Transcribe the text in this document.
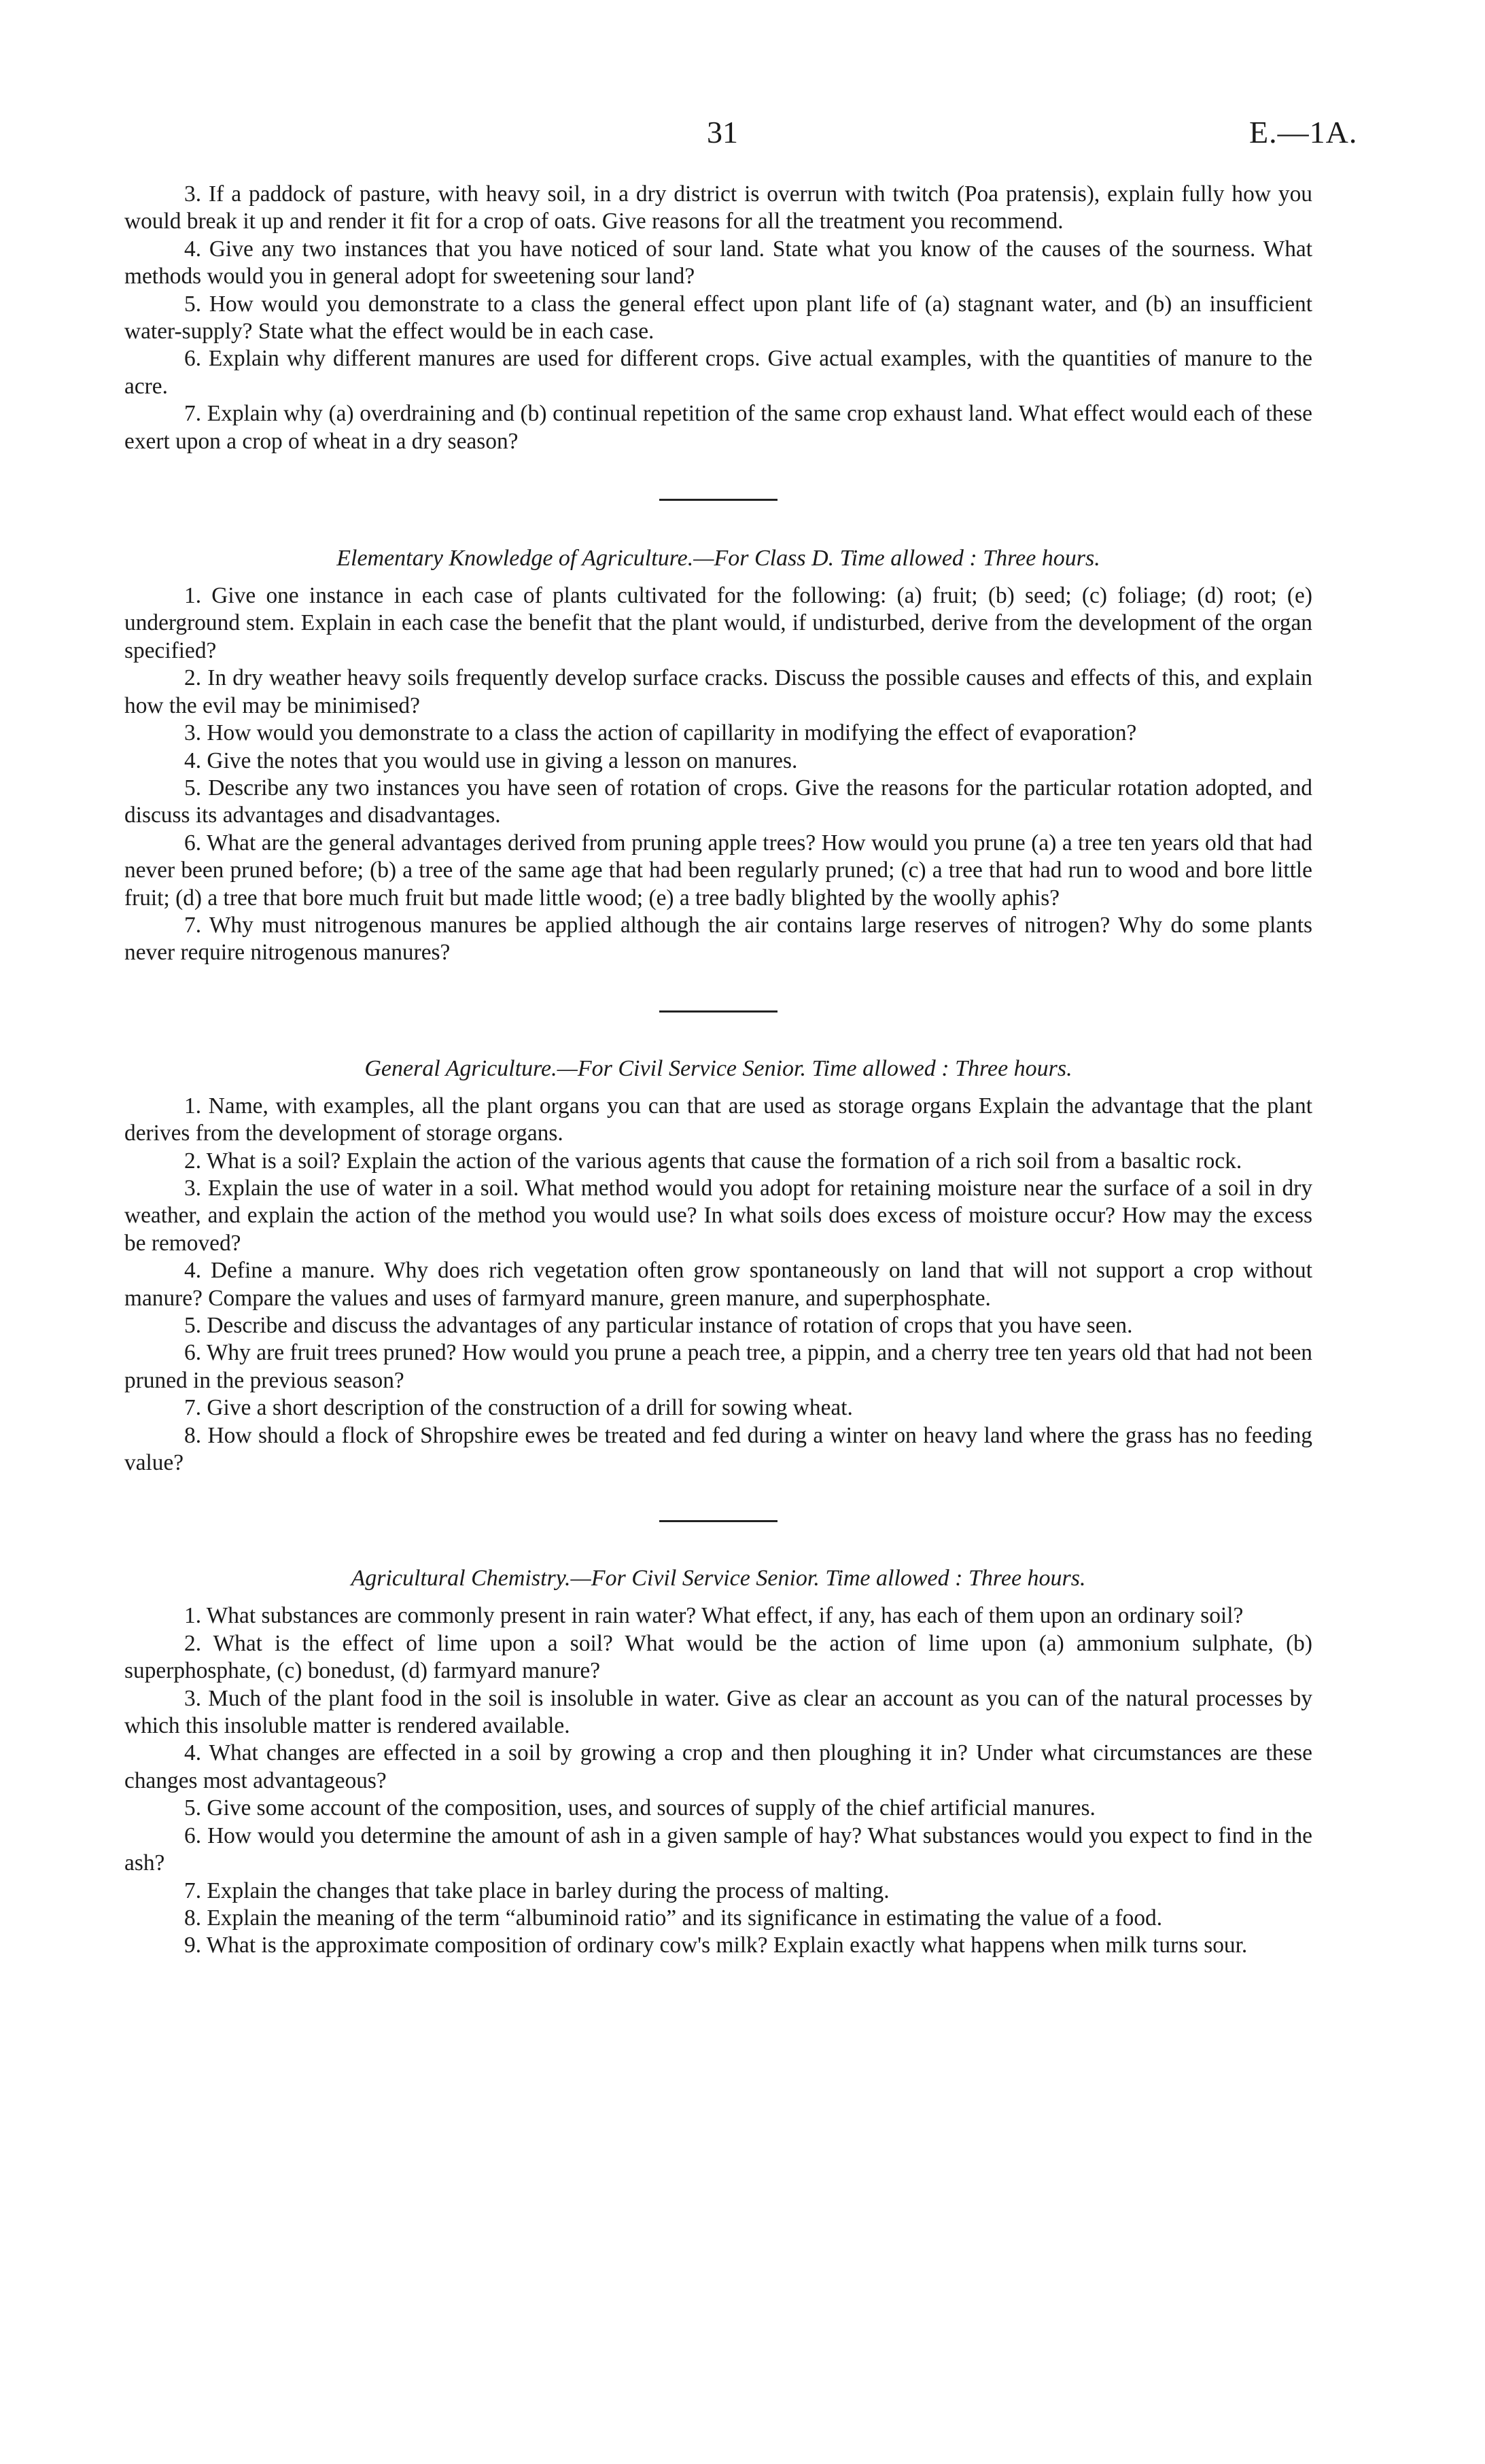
31	E.—1A.

3. If a paddock of pasture, with heavy soil, in a dry district is overrun with twitch (Poa pratensis), explain fully how you would break it up and render it fit for a crop of oats. Give reasons for all the treatment you recommend.

4. Give any two instances that you have noticed of sour land. State what you know of the causes of the sourness. What methods would you in general adopt for sweetening sour land?

5. How would you demonstrate to a class the general effect upon plant life of (a) stagnant water, and (b) an insufficient water-supply? State what the effect would be in each case.

6. Explain why different manures are used for different crops. Give actual examples, with the quantities of manure to the acre.

7. Explain why (a) overdraining and (b) continual repetition of the same crop exhaust land. What effect would each of these exert upon a crop of wheat in a dry season?

Elementary Knowledge of Agriculture.—For Class D. Time allowed : Three hours.

1. Give one instance in each case of plants cultivated for the following: (a) fruit; (b) seed; (c) foliage; (d) root; (e) underground stem. Explain in each case the benefit that the plant would, if undisturbed, derive from the development of the organ specified?

2. In dry weather heavy soils frequently develop surface cracks. Discuss the possible causes and effects of this, and explain how the evil may be minimised?

3. How would you demonstrate to a class the action of capillarity in modifying the effect of evaporation?

4. Give the notes that you would use in giving a lesson on manures.

5. Describe any two instances you have seen of rotation of crops. Give the reasons for the particular rotation adopted, and discuss its advantages and disadvantages.

6. What are the general advantages derived from pruning apple trees? How would you prune (a) a tree ten years old that had never been pruned before; (b) a tree of the same age that had been regularly pruned; (c) a tree that had run to wood and bore little fruit; (d) a tree that bore much fruit but made little wood; (e) a tree badly blighted by the woolly aphis?

7. Why must nitrogenous manures be applied although the air contains large reserves of nitrogen? Why do some plants never require nitrogenous manures?

General Agriculture.—For Civil Service Senior. Time allowed : Three hours.

1. Name, with examples, all the plant organs you can that are used as storage organs Explain the advantage that the plant derives from the development of storage organs.

2. What is a soil? Explain the action of the various agents that cause the formation of a rich soil from a basaltic rock.

3. Explain the use of water in a soil. What method would you adopt for retaining moisture near the surface of a soil in dry weather, and explain the action of the method you would use? In what soils does excess of moisture occur? How may the excess be removed?

4. Define a manure. Why does rich vegetation often grow spontaneously on land that will not support a crop without manure? Compare the values and uses of farmyard manure, green manure, and superphosphate.

5. Describe and discuss the advantages of any particular instance of rotation of crops that you have seen.

6. Why are fruit trees pruned? How would you prune a peach tree, a pippin, and a cherry tree ten years old that had not been pruned in the previous season?

7. Give a short description of the construction of a drill for sowing wheat.

8. How should a flock of Shropshire ewes be treated and fed during a winter on heavy land where the grass has no feeding value?

Agricultural Chemistry.—For Civil Service Senior. Time allowed : Three hours.

1. What substances are commonly present in rain water? What effect, if any, has each of them upon an ordinary soil?

2. What is the effect of lime upon a soil? What would be the action of lime upon (a) ammonium sulphate, (b) superphosphate, (c) bonedust, (d) farmyard manure?

3. Much of the plant food in the soil is insoluble in water. Give as clear an account as you can of the natural processes by which this insoluble matter is rendered available.

4. What changes are effected in a soil by growing a crop and then ploughing it in? Under what circumstances are these changes most advantageous?

5. Give some account of the composition, uses, and sources of supply of the chief artificial manures.

6. How would you determine the amount of ash in a given sample of hay? What substances would you expect to find in the ash?

7. Explain the changes that take place in barley during the process of malting.

8. Explain the meaning of the term “albuminoid ratio” and its significance in estimating the value of a food.

9. What is the approximate composition of ordinary cow's milk? Explain exactly what happens when milk turns sour.
